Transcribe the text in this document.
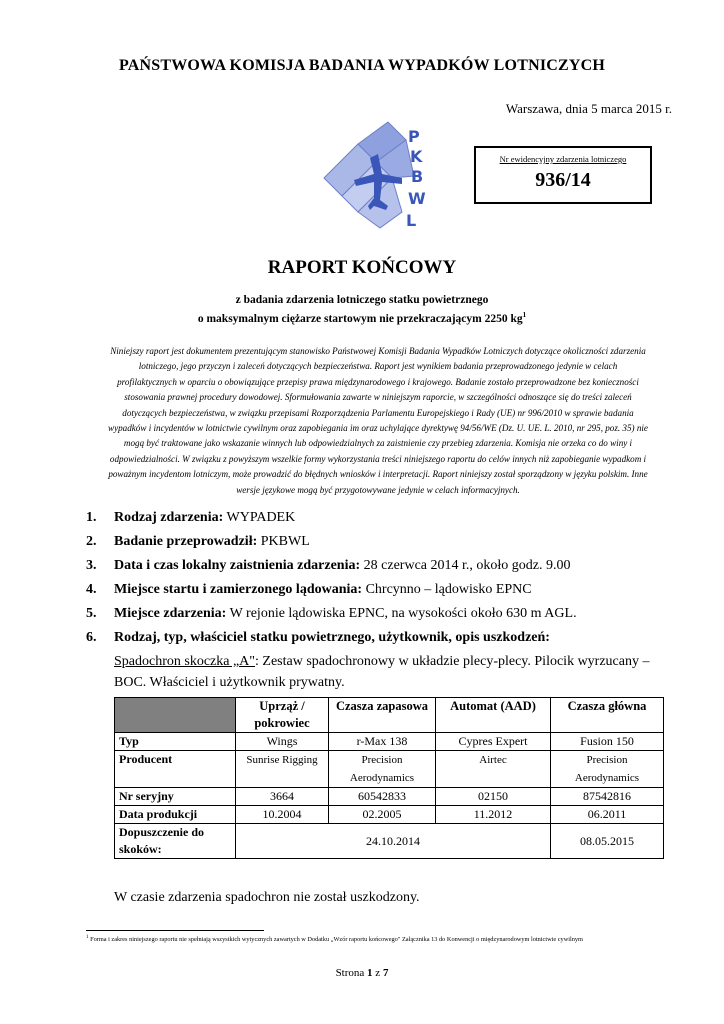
PAŃSTWOWA KOMISJA BADANIA WYPADKÓW LOTNICZYCH
Warszawa, dnia 5 marca 2015 r.
P
K
B
W
L
Nr ewidencyjny zdarzenia lotniczego
936/14
RAPORT KOŃCOWY
z badania zdarzenia lotniczego statku powietrznego
o maksymalnym ciężarze startowym nie przekraczającym 2250 $kg^1$
Niniejszy raport jest dokumentem prezentującym stanowisko Państwowej Komisji Badania Wypadków Lotniczych dotyczące okoliczności zdarzenia lotniczego, jego przyczyn i zaleceń dotyczących bezpieczeństwa. Raport jest wynikiem badania przeprowadzonego jedynie w celach profilaktycznych w oparciu o obowiązujące przepisy prawa międzynarodowego i krajowego. Badanie zostało przeprowadzone bez konieczności stosowania prawnej procedury dowodowej. Sformułowania zawarte w niniejszym raporcie, w szczególności odnoszące się do treści zaleceń dotyczących bezpieczeństwa, w związku przepisami Rozporządzenia Parlamentu Europejskiego i Rady (UE) nr 996/2010 w sprawie badania wypadków i incydentów w lotnictwie cywilnym oraz zapobiegania im oraz uchylające dyrektywę 94/56/WE (Dz. U. UE. L. 2010, nr 295, poz. 35) nie mogą być traktowane jako wskazanie winnych lub odpowiedzialnych za zaistnienie czy przebieg zdarzenia. Komisja nie orzeka co do winy i odpowiedzialności. W związku z powyższym wszelkie formy wykorzystania treści niniejszego raportu do celów innych niż zapobieganie wypadkom i poważnym incydentom lotniczym, może prowadzić do błędnych wniosków i interpretacji. Raport niniejszy został sporządzony w języku polskim. Inne wersje językowe mogą być przygotowywane jedynie w celach informacyjnych.
1. Rodzaj zdarzenia: WYPADEK
2. Badanie przeprowadził: PKBWL
3. Data i czas lokalny zaistnienia zdarzenia: 28 czerwca 2014 r., około godz. 9.00
4. Miejsce startu i zamierzonego lądowania: Chrcynno – lądowisko EPNC
5. Miejsce zdarzenia: W rejonie lądowiska EPNC, na wysokości około 630 m AGL.
6. Rodzaj, typ, właściciel statku powietrznego, użytkownik, opis uszkodzeń:
Spadochron skoczka „A": Zestaw spadochronowy w układzie plecy-plecy. Pilocik wyrzucany – BOC. Właściciel i użytkownik prywatny.
	Uprząż / pokrowiec	Czasza zapasowa	Automat (AAD)	Czasza główna
Typ	Wings	r-Max 138	Cypres Expert	Fusion 150
Producent	Sunrise Rigging	Precision Aerodynamics	Airtec	Precision Aerodynamics
Nr seryjny	3664	60542833	02150	87542816
Data produkcji	10.2004	02.2005	11.2012	06.2011
Dopuszczenie do skoków:	24.10.2014			08.05.2015
W czasie zdarzenia spadochron nie został uszkodzony.
$^1$ Forma i zakres niniejszego raportu nie spełniają wszystkich wytycznych zawartych w Dodatku „Wzór raportu końcowego" Załącznika 13 do Konwencji o międzynarodowym lotnictwie cywilnym
Strona 1 z 7
